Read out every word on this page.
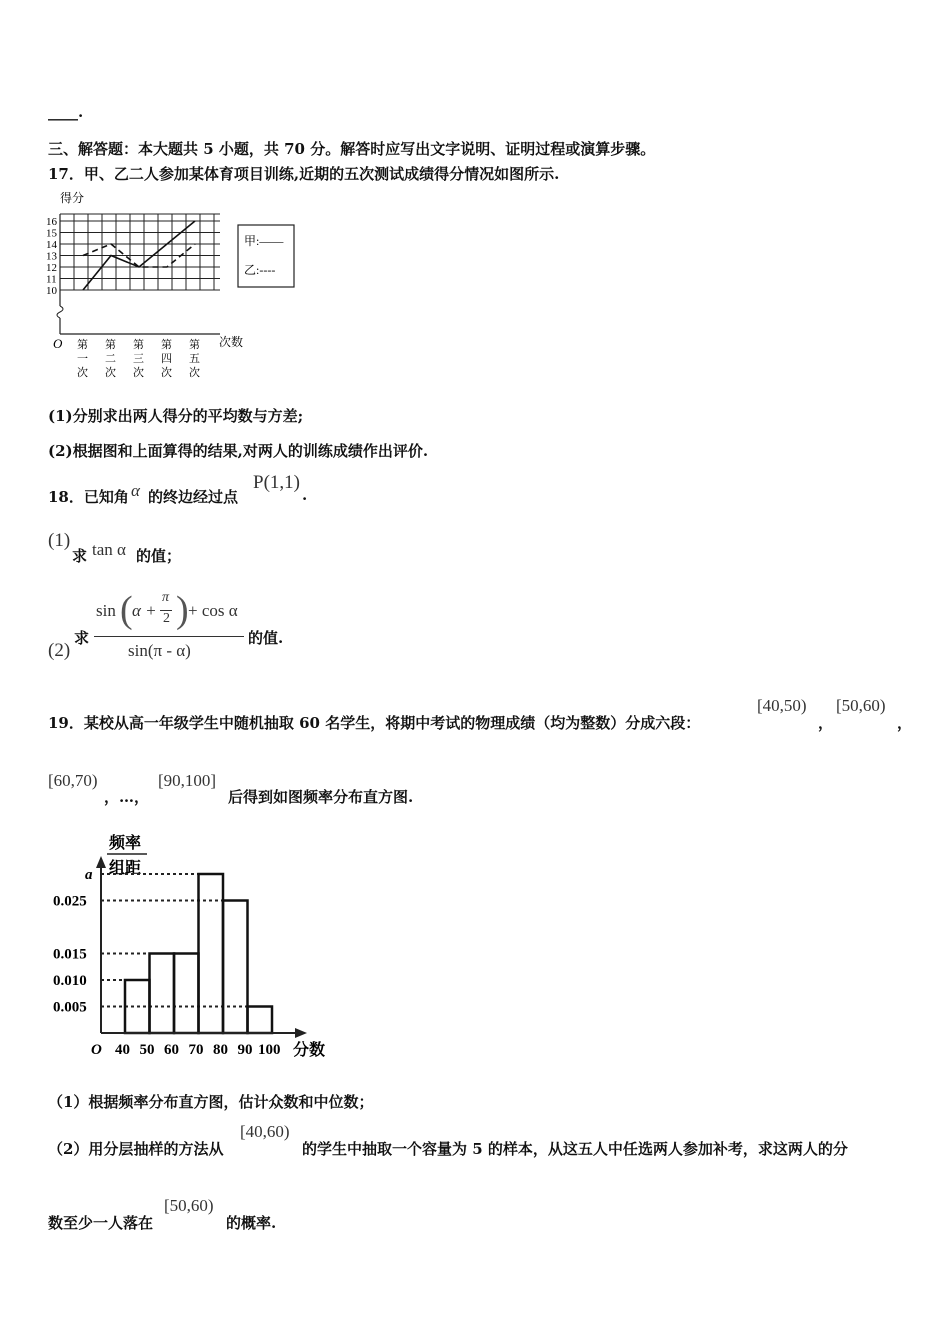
____.
三、解答题：本大题共 5 小题，共 70 分。解答时应写出文字说明、证明过程或演算步骤。
17．甲、乙二人参加某体育项目训练,近期的五次测试成绩得分情况如图所示.
得分
O	次数
10
11
12
13
14
15
16
第
一
次
第
二
次
第
三
次
第
四
次
第
五
次
甲:——
乙:----
(1)分别求出两人得分的平均数与方差;
(2)根据图和上面算得的结果,对两人的训练成绩作出评价.
18．已知角 α 的终边经过点
P(1,1)
.
(1)
求 tan α 的值；
(2)
求
sin ( α +
π
2 ) + cos α
sin(π - α)
的值.
19．某校从高一年级学生中随机抽取 60 名学生，将期中考试的物理成绩（均为整数）分成六段：
[40,50)
，
[50,60)
，
[60,70)
，…，
[90,100]
后得到如图频率分布直方图.
频率
组距
O	分数
a
0.025
0.015
0.010
0.005
40 50 60 70 80 90 100
（1）根据频率分布直方图，估计众数和中位数；
（2）用分层抽样的方法从
[40,60)
的学生中抽取一个容量为 5 的样本，从这五人中任选两人参加补考，求这两人的分
数至少一人落在
[50,60)
的概率.
